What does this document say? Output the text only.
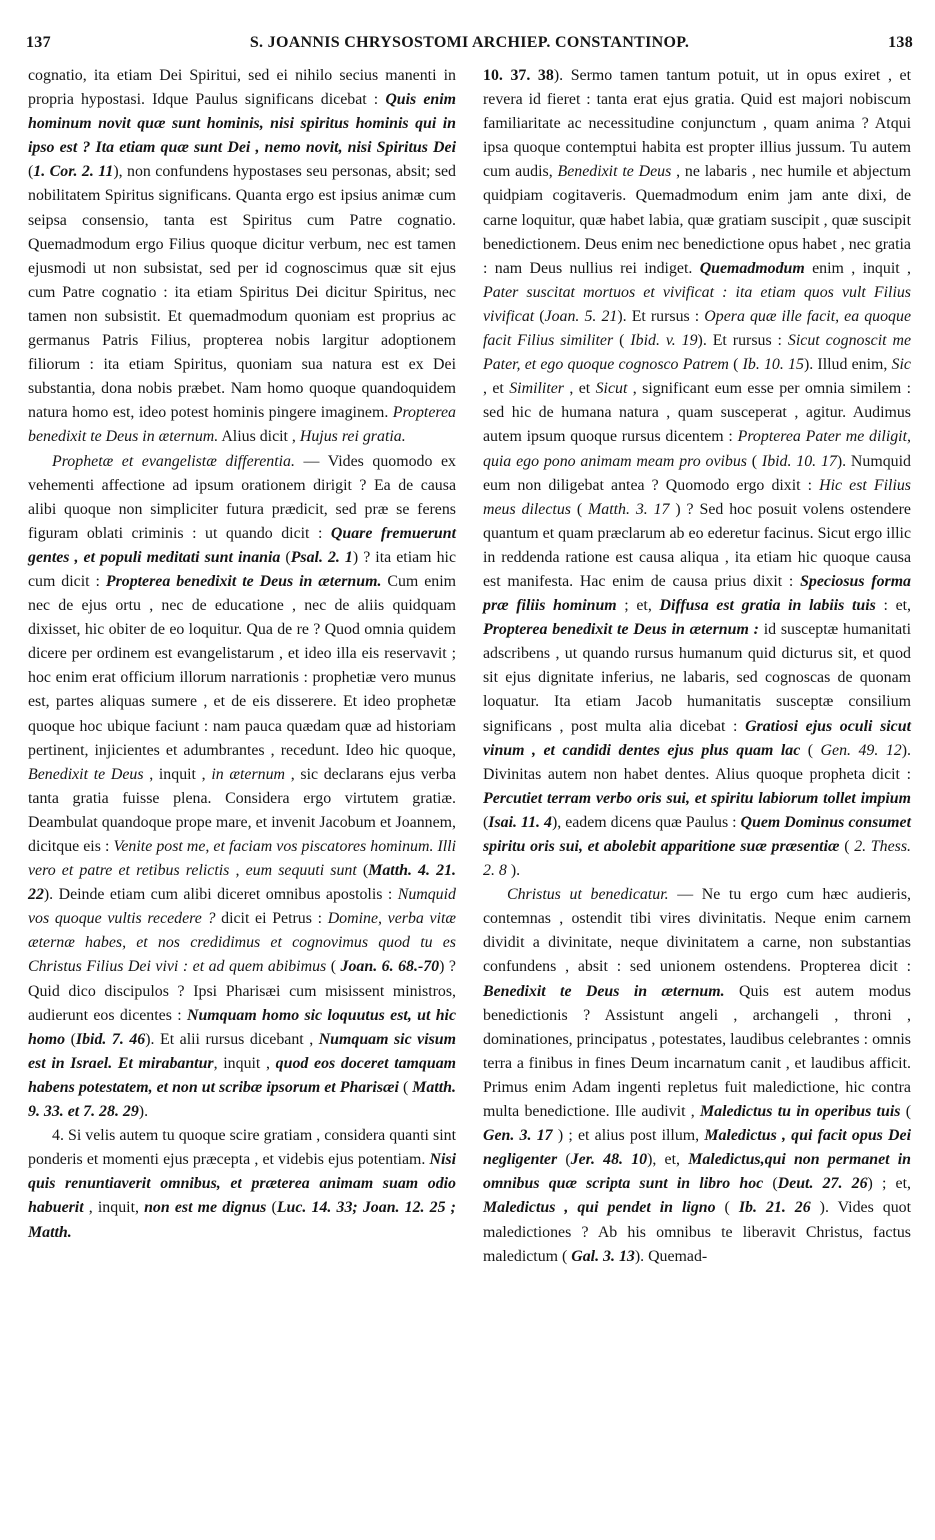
137	S. JOANNIS CHRYSOSTOMI ARCHIEP. CONSTANTINOP.	138

cognatio, ita etiam Dei Spiritui, sed ei nihilo secius manenti in propria hypostasi. Idque Paulus significans dicebat : Quis enim hominum novit quæ sunt hominis, nisi spiritus hominis qui in ipso est ? Ita etiam quæ sunt Dei , nemo novit, nisi Spiritus Dei (1. Cor. 2. 11), non confundens hypostases seu personas, absit; sed nobilitatem Spiritus significans. Quanta ergo est ipsius animæ cum seipsa consensio, tanta est Spiritus cum Patre cognatio. Quemadmodum ergo Filius quoque dicitur verbum, nec est tamen ejusmodi ut non subsistat, sed per id cognoscimus quæ sit ejus cum Patre cognatio : ita etiam Spiritus Dei dicitur Spiritus, nec tamen non subsistit. Et quemadmodum quoniam est proprius ac germanus Patris Filius, propterea nobis largitur adoptionem filiorum : ita etiam Spiritus, quoniam sua natura est ex Dei substantia, dona nobis præbet. Nam homo quoque quandoquidem natura homo est, ideo potest hominis pingere imaginem. Propterea benedixit te Deus in æternum. Alius dicit , Hujus rei gratia.

Prophetæ et evangelistæ differentia. — Vides quomodo ex vehementi affectione ad ipsum orationem dirigit ? Ea de causa alibi quoque non simpliciter futura prædicit, sed præ se ferens figuram oblati criminis : ut quando dicit : Quare fremuerunt gentes , et populi meditati sunt inania (Psal. 2. 1) ? ita etiam hic cum dicit : Propterea benedixit te Deus in æternum. Cum enim nec de ejus ortu , nec de educatione , nec de aliis quidquam dixisset, hic obiter de eo loquitur. Qua de re ? Quod omnia quidem dicere per ordinem est evangelistarum , et ideo illa eis reservavit ; hoc enim erat officium illorum narrationis : prophetiæ vero munus est, partes aliquas sumere , et de eis disserere. Et ideo prophetæ quoque hoc ubique faciunt : nam pauca quædam quæ ad historiam pertinent, injicientes et adumbrantes , recedunt. Ideo hic quoque, Benedixit te Deus , inquit , in æternum , sic declarans ejus verba tanta gratia fuisse plena. Considera ergo virtutem gratiæ. Deambulat quandoque prope mare, et invenit Jacobum et Joannem, dicitque eis : Venite post me, et faciam vos piscatores hominum. Illi vero et patre et retibus relictis , eum sequuti sunt (Matth. 4. 21. 22). Deinde etiam cum alibi diceret omnibus apostolis : Numquid vos quoque vultis recedere ? dicit ei Petrus : Domine, verba vitæ æternæ habes, et nos credidimus et cognovimus quod tu es Christus Filius Dei vivi : et ad quem abibimus ( Joan. 6. 68.-70) ? Quid dico discipulos ? Ipsi Pharisæi cum misissent ministros, audierunt eos dicentes : Numquam homo sic loquutus est, ut hic homo (Ibid. 7. 46). Et alii rursus dicebant , Numquam sic visum est in Israel. Et mirabantur, inquit , quod eos doceret tamquam habens potestatem, et non ut scribæ ipsorum et Pharisæi ( Matth. 9. 33. et 7. 28. 29).

4. Si velis autem tu quoque scire gratiam , considera quanti sint ponderis et momenti ejus præcepta , et videbis ejus potentiam. Nisi quis renuntiaverit omnibus, et præterea animam suam odio habuerit , inquit, non est me dignus (Luc. 14. 33; Joan. 12. 25 ; Matth.

10. 37. 38). Sermo tamen tantum potuit, ut in opus exiret , et revera id fieret : tanta erat ejus gratia. Quid est majori nobiscum familiaritate ac necessitudine conjunctum , quam anima ? Atqui ipsa quoque contemptui habita est propter illius jussum. Tu autem cum audis, Benedixit te Deus , ne labaris , nec humile et abjectum quidpiam cogitaveris. Quemadmodum enim jam ante dixi, de carne loquitur, quæ habet labia, quæ gratiam suscipit , quæ suscipit benedictionem. Deus enim nec benedictione opus habet , nec gratia : nam Deus nullius rei indiget. Quemadmodum enim , inquit , Pater suscitat mortuos et vivificat : ita etiam quos vult Filius vivificat (Joan. 5. 21). Et rursus : Opera quæ ille facit, ea quoque facit Filius similiter ( Ibid. v. 19). Et rursus : Sicut cognoscit me Pater, et ego quoque cognosco Patrem ( Ib. 10. 15). Illud enim, Sic , et Similiter , et Sicut , significant eum esse per omnia similem : sed hic de humana natura , quam susceperat , agitur. Audimus autem ipsum quoque rursus dicentem : Propterea Pater me diligit, quia ego pono animam meam pro ovibus ( Ibid. 10. 17). Numquid eum non diligebat antea ? Quomodo ergo dixit : Hic est Filius meus dilectus ( Matth. 3. 17 ) ? Sed hoc posuit volens ostendere quantum et quam præclarum ab eo ederetur facinus. Sicut ergo illic in reddenda ratione est causa aliqua , ita etiam hic quoque causa est manifesta. Hac enim de causa prius dixit : Speciosus forma præ filiis hominum ; et, Diffusa est gratia in labiis tuis : et, Propterea benedixit te Deus in æternum : id susceptæ humanitati adscribens , ut quando rursus humanum quid dicturus sit, et quod sit ejus dignitate inferius, ne labaris, sed cognoscas de quonam loquatur. Ita etiam Jacob humanitatis susceptæ consilium significans , post multa alia dicebat : Gratiosi ejus oculi sicut vinum , et candidi dentes ejus plus quam lac ( Gen. 49. 12). Divinitas autem non habet dentes. Alius quoque propheta dicit : Percutiet terram verbo oris sui, et spiritu labiorum tollet impium (Isai. 11. 4), eadem dicens quæ Paulus : Quem Dominus consumet spiritu oris sui, et abolebit apparitione suæ præsentiæ ( 2. Thess. 2. 8 ).

Christus ut benedicatur. — Ne tu ergo cum hæc audieris, contemnas , ostendit tibi vires divinitatis. Neque enim carnem dividit a divinitate, neque divinitatem a carne, non substantias confundens , absit : sed unionem ostendens. Propterea dicit : Benedixit te Deus in æternum. Quis est autem modus benedictionis ? Assistunt angeli , archangeli , throni , dominationes, principatus , potestates, laudibus celebrantes : omnis terra a finibus in fines Deum incarnatum canit , et laudibus afficit. Primus enim Adam ingenti repletus fuit maledictione, hic contra multa benedictione. Ille audivit , Maledictus tu in operibus tuis ( Gen. 3. 17 ) ; et alius post illum, Maledictus , qui facit opus Dei negligenter (Jer. 48. 10), et, Maledictus,qui non permanet in omnibus quæ scripta sunt in libro hoc (Deut. 27. 26) ; et, Maledictus , qui pendet in ligno ( Ib. 21. 26 ). Vides quot maledictiones ? Ab his omnibus te liberavit Christus, factus maledictum ( Gal. 3. 13). Quemad-
